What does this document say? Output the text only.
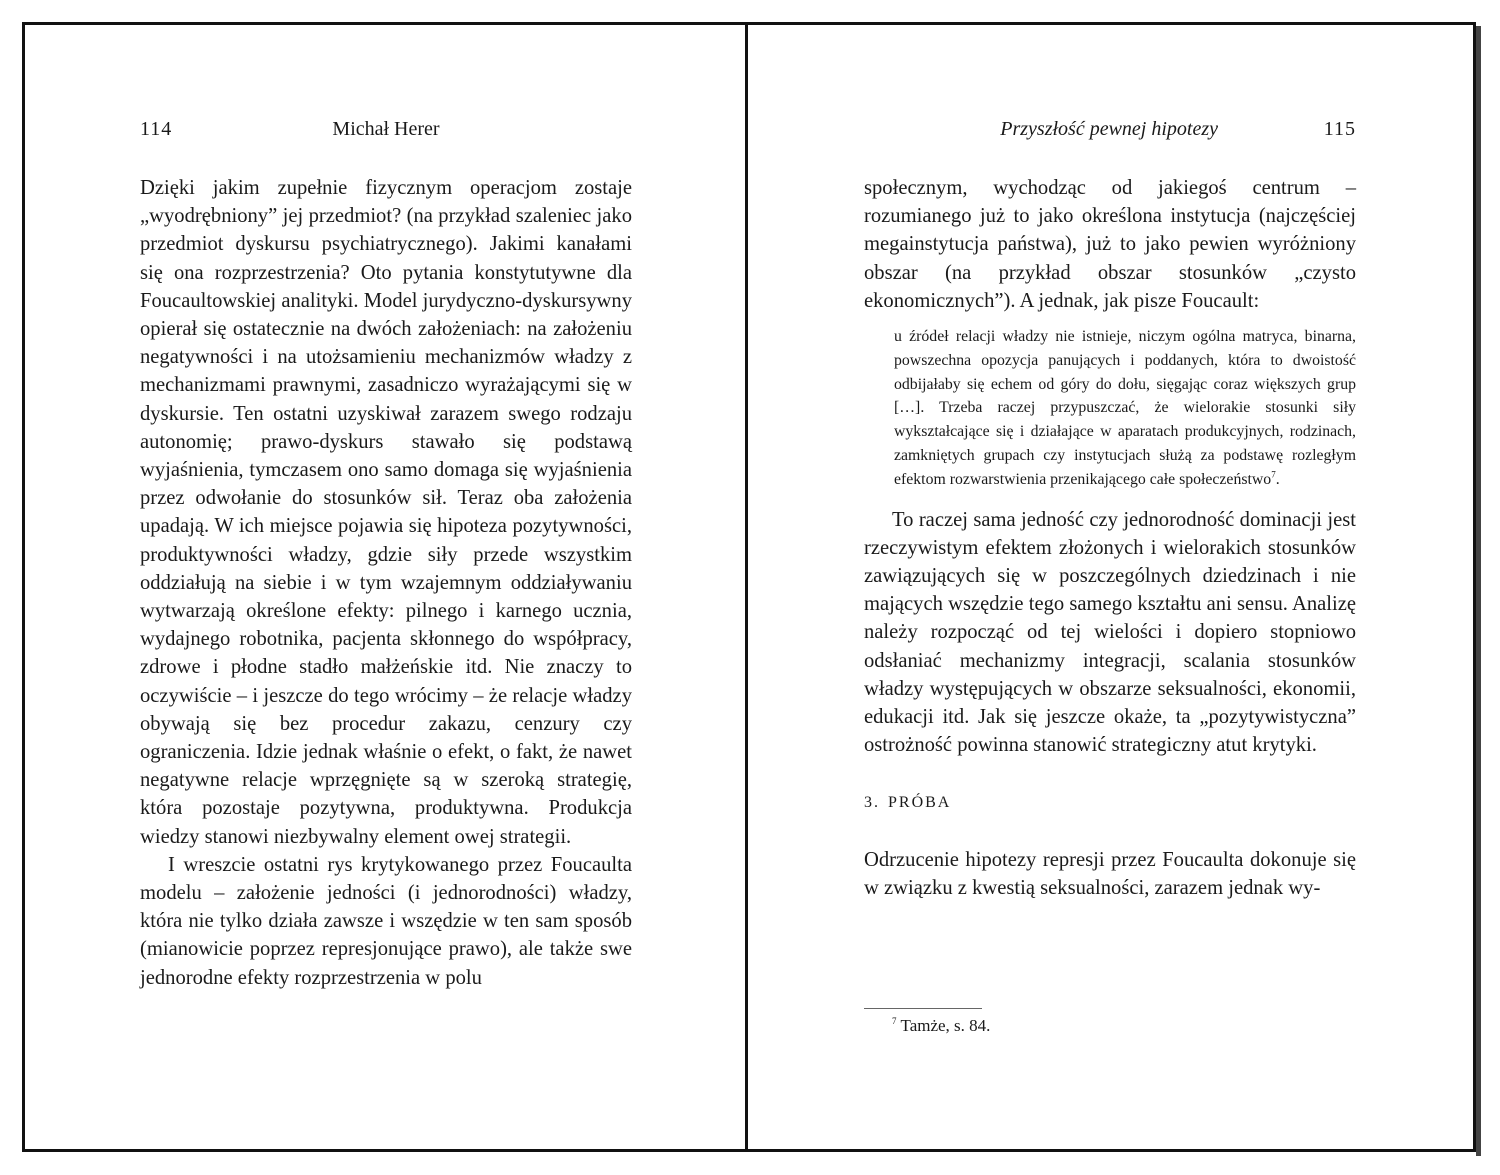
114	Michał Herer

Dzięki jakim zupełnie fizycznym operacjom zostaje „wyodrębniony” jej przedmiot? (na przykład szaleniec jako przedmiot dyskursu psychiatrycznego). Jakimi kanałami się ona rozprzestrzenia? Oto pytania konstytutywne dla Foucaultowskiej analityki. Model jurydyczno-dyskursywny opierał się ostatecznie na dwóch założeniach: na założeniu negatywności i na utożsamieniu mechanizmów władzy z mechanizmami prawnymi, zasadniczo wyrażającymi się w dyskursie. Ten ostatni uzyskiwał zarazem swego rodzaju autonomię; prawo-dyskurs stawało się podstawą wyjaśnienia, tymczasem ono samo domaga się wyjaśnienia przez odwołanie do stosunków sił. Teraz oba założenia upadają. W ich miejsce pojawia się hipoteza pozytywności, produktywności władzy, gdzie siły przede wszystkim oddziałują na siebie i w tym wzajemnym oddziaływaniu wytwarzają określone efekty: pilnego i karnego ucznia, wydajnego robotnika, pacjenta skłonnego do współpracy, zdrowe i płodne stadło małżeńskie itd. Nie znaczy to oczywiście – i jeszcze do tego wrócimy – że relacje władzy obywają się bez procedur zakazu, cenzury czy ograniczenia. Idzie jednak właśnie o efekt, o fakt, że nawet negatywne relacje wprzęgnięte są w szeroką strategię, która pozostaje pozytywna, produktywna. Produkcja wiedzy stanowi niezbywalny element owej strategii.

I wreszcie ostatni rys krytykowanego przez Foucaulta modelu – założenie jedności (i jednorodności) władzy, która nie tylko działa zawsze i wszędzie w ten sam sposób (mianowicie poprzez represjonujące prawo), ale także swe jednorodne efekty rozprzestrzenia w polu

Przyszłość pewnej hipotezy	115

społecznym, wychodząc od jakiegoś centrum – rozumianego już to jako określona instytucja (najczęściej megainstytucja państwa), już to jako pewien wyróżniony obszar (na przykład obszar stosunków „czysto ekonomicznych”). A jednak, jak pisze Foucault:

u źródeł relacji władzy nie istnieje, niczym ogólna matryca, binarna, powszechna opozycja panujących i poddanych, która to dwoistość odbijałaby się echem od góry do dołu, sięgając coraz większych grup […]. Trzeba raczej przypuszczać, że wielorakie stosunki siły wykształcające się i działające w aparatach produkcyjnych, rodzinach, zamkniętych grupach czy instytucjach służą za podstawę rozległym efektom rozwarstwienia przenikającego całe społeczeństwo$^7$.

To raczej sama jedność czy jednorodność dominacji jest rzeczywistym efektem złożonych i wielorakich stosunków zawiązujących się w poszczególnych dziedzinach i nie mających wszędzie tego samego kształtu ani sensu. Analizę należy rozpocząć od tej wielości i dopiero stopniowo odsłaniać mechanizmy integracji, scalania stosunków władzy występujących w obszarze seksualności, ekonomii, edukacji itd. Jak się jeszcze okaże, ta „pozytywistyczna” ostrożność powinna stanowić strategiczny atut krytyki.

3. PRÓBA

Odrzucenie hipotezy represji przez Foucaulta dokonuje się w związku z kwestią seksualności, zarazem jednak wy-

$^7$ Tamże, s. 84.
